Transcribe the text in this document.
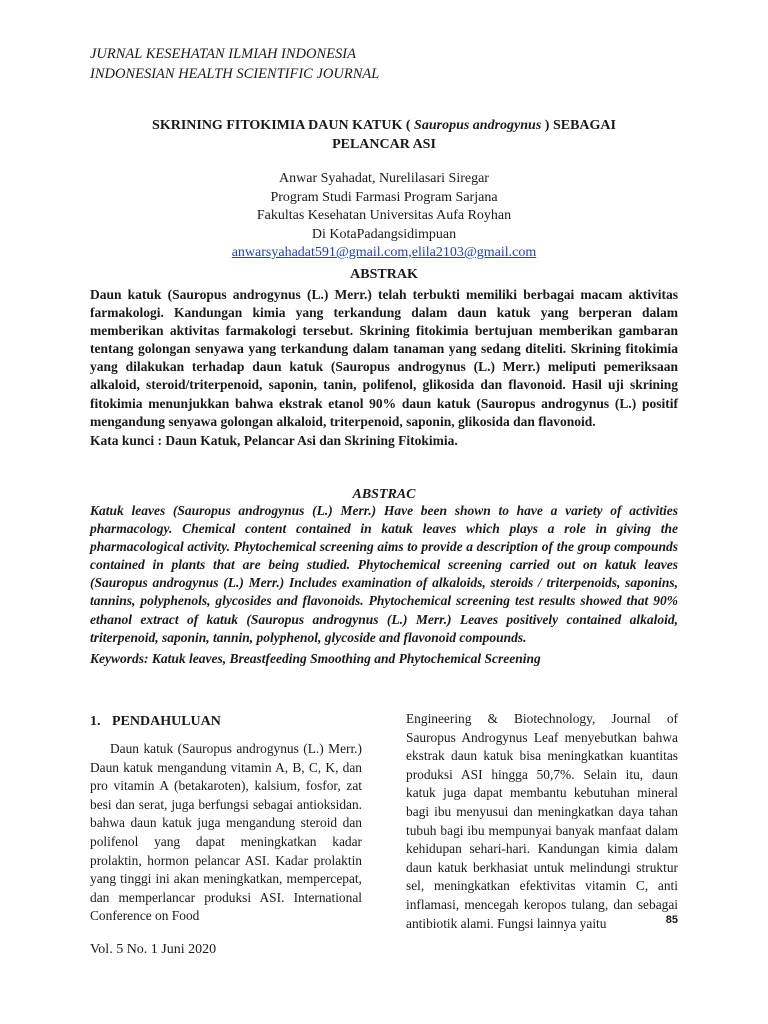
JURNAL KESEHATAN ILMIAH INDONESIA
INDONESIAN HEALTH SCIENTIFIC JOURNAL
SKRINING FITOKIMIA DAUN KATUK ( Sauropus androgynus ) SEBAGAI
PELANCAR ASI
Anwar Syahadat, Nurelilasari Siregar
Program Studi Farmasi Program Sarjana
Fakultas Kesehatan Universitas Aufa Royhan
Di KotaPadangsidimpuan
anwarsyahadat591@gmail.com,elila2103@gmail.com
ABSTRAK
Daun katuk (Sauropus androgynus (L.) Merr.) telah terbukti memiliki berbagai macam aktivitas farmakologi. Kandungan kimia yang terkandung dalam daun katuk yang berperan dalam memberikan aktivitas farmakologi tersebut. Skrining fitokimia bertujuan memberikan gambaran tentang golongan senyawa yang terkandung dalam tanaman yang sedang diteliti. Skrining fitokimia yang dilakukan terhadap daun katuk (Sauropus androgynus (L.) Merr.) meliputi pemeriksaan alkaloid, steroid/triterpenoid, saponin, tanin, polifenol, glikosida dan flavonoid. Hasil uji skrining fitokimia menunjukkan bahwa ekstrak etanol 90% daun katuk (Sauropus androgynus (L.) positif mengandung senyawa golongan alkaloid, triterpenoid, saponin, glikosida dan flavonoid.
Kata kunci : Daun Katuk, Pelancar Asi dan Skrining Fitokimia.
ABSTRAC
Katuk leaves (Sauropus androgynus (L.) Merr.) Have been shown to have a variety of activities pharmacology. Chemical content contained in katuk leaves which plays a role in giving the pharmacological activity. Phytochemical screening aims to provide a description of the group compounds contained in plants that are being studied. Phytochemical screening carried out on katuk leaves (Sauropus androgynus (L.) Merr.) Includes examination of alkaloids, steroids / triterpenoids, saponins, tannins, polyphenols, glycosides and flavonoids. Phytochemical screening test results showed that 90% ethanol extract of katuk (Sauropus androgynus (L.) Merr.) Leaves positively contained alkaloid, triterpenoid, saponin, tannin, polyphenol, glycoside and flavonoid compounds.
Keywords: Katuk leaves, Breastfeeding Smoothing and Phytochemical Screening
1. PENDAHULUAN

Daun katuk (Sauropus androgynus (L.) Merr.) Daun katuk mengandung vitamin A, B, C, K, dan pro vitamin A (betakaroten), kalsium, fosfor, zat besi dan serat, juga berfungsi sebagai antioksidan. bahwa daun katuk juga mengandung steroid dan polifenol yang dapat meningkatkan kadar prolaktin, hormon pelancar ASI. Kadar prolaktin yang tinggi ini akan meningkatkan, mempercepat, dan memperlancar produksi ASI. International Conference on Food

Engineering & Biotechnology, Journal of Sauropus Androgynus Leaf menyebutkan bahwa ekstrak daun katuk bisa meningkatkan kuantitas produksi ASI hingga 50,7%. Selain itu, daun katuk juga dapat membantu kebutuhan mineral bagi ibu menyusui dan meningkatkan daya tahan tubuh bagi ibu mempunyai banyak manfaat dalam kehidupan sehari-hari. Kandungan kimia dalam daun katuk berkhasiat untuk melindungi struktur sel, meningkatkan efektivitas vitamin C, anti inflamasi, mencegah keropos tulang, dan sebagai antibiotik alami. Fungsi lainnya yaitu	85
Vol. 5 No. 1 Juni 2020
